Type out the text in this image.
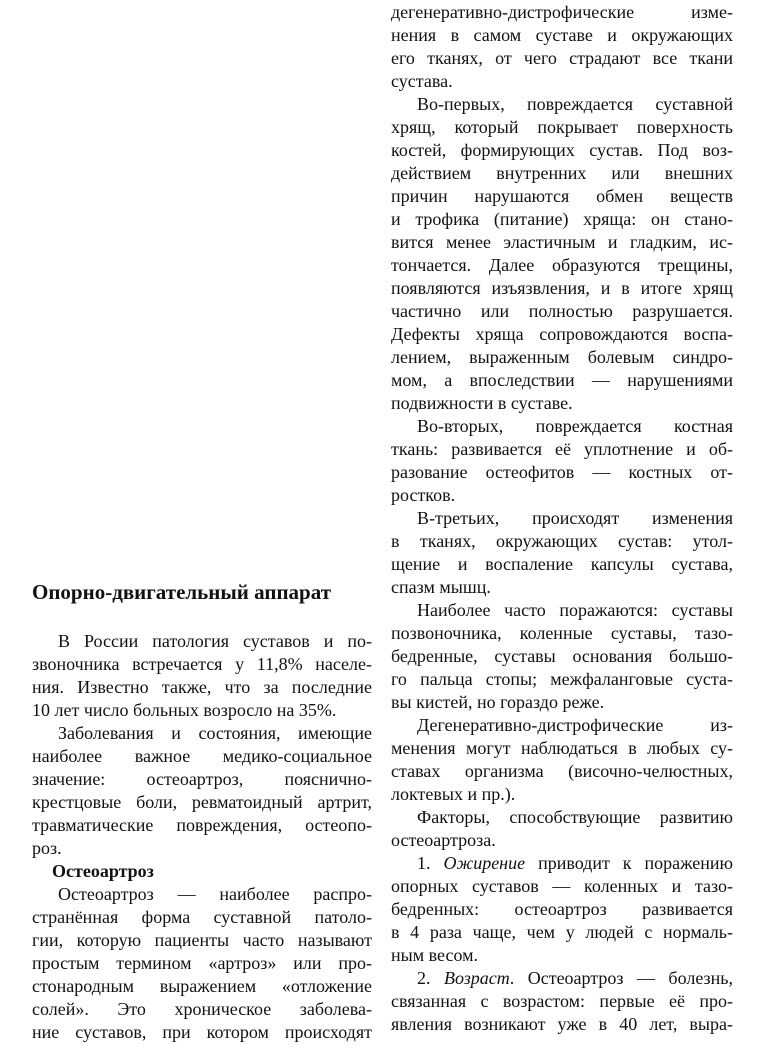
Опорно-двигательный аппарат
В России патология суставов и по-
звоночника встречается у 11,8% населе-
ния. Известно также, что за последние
10 лет число больных возросло на 35%.
Заболевания и состояния, имеющие
наиболее важное медико-социальное
значение: остеоартроз, пояснично-
крестцовые боли, ревматоидный артрит,
травматические повреждения, остеопо-
роз.
Остеоартроз
Остеоартроз — наиболее распро-
странённая форма суставной патоло-
гии, которую пациенты часто называют
простым термином «артроз» или про-
стонародным выражением «отложение
солей». Это хроническое заболева-
ние суставов, при котором происходят
дегенеративно-дистрофические изме-
нения в самом суставе и окружающих
его тканях, от чего страдают все ткани
сустава.
Во-первых, повреждается суставной
хрящ, который покрывает поверхность
костей, формирующих сустав. Под воз-
действием внутренних или внешних
причин нарушаются обмен веществ
и трофика (питание) хряща: он стано-
вится менее эластичным и гладким, ис-
тончается. Далее образуются трещины,
появляются изъязвления, и в итоге хрящ
частично или полностью разрушается.
Дефекты хряща сопровождаются воспа-
лением, выраженным болевым синдро-
мом, а впоследствии — нарушениями
подвижности в суставе.
Во-вторых, повреждается костная
ткань: развивается её уплотнение и об-
разование остеофитов — костных от-
ростков.
В-третьих, происходят изменения
в тканях, окружающих сустав: утол-
щение и воспаление капсулы сустава,
спазм мышц.
Наиболее часто поражаются: суставы
позвоночника, коленные суставы, тазо-
бедренные, суставы основания большо-
го пальца стопы; межфаланговые суста-
вы кистей, но гораздо реже.
Дегенеративно-дистрофические из-
менения могут наблюдаться в любых су-
ставах организма (височно-челюстных,
локтевых и пр.).
Факторы, способствующие развитию
остеоартроза.
1. Ожирение приводит к поражению
опорных суставов — коленных и тазо-
бедренных: остеоартроз развивается
в 4 раза чаще, чем у людей с нормаль-
ным весом.
2. Возраст. Остеоартроз — болезнь,
связанная с возрастом: первые её про-
явления возникают уже в 40 лет, выра-
